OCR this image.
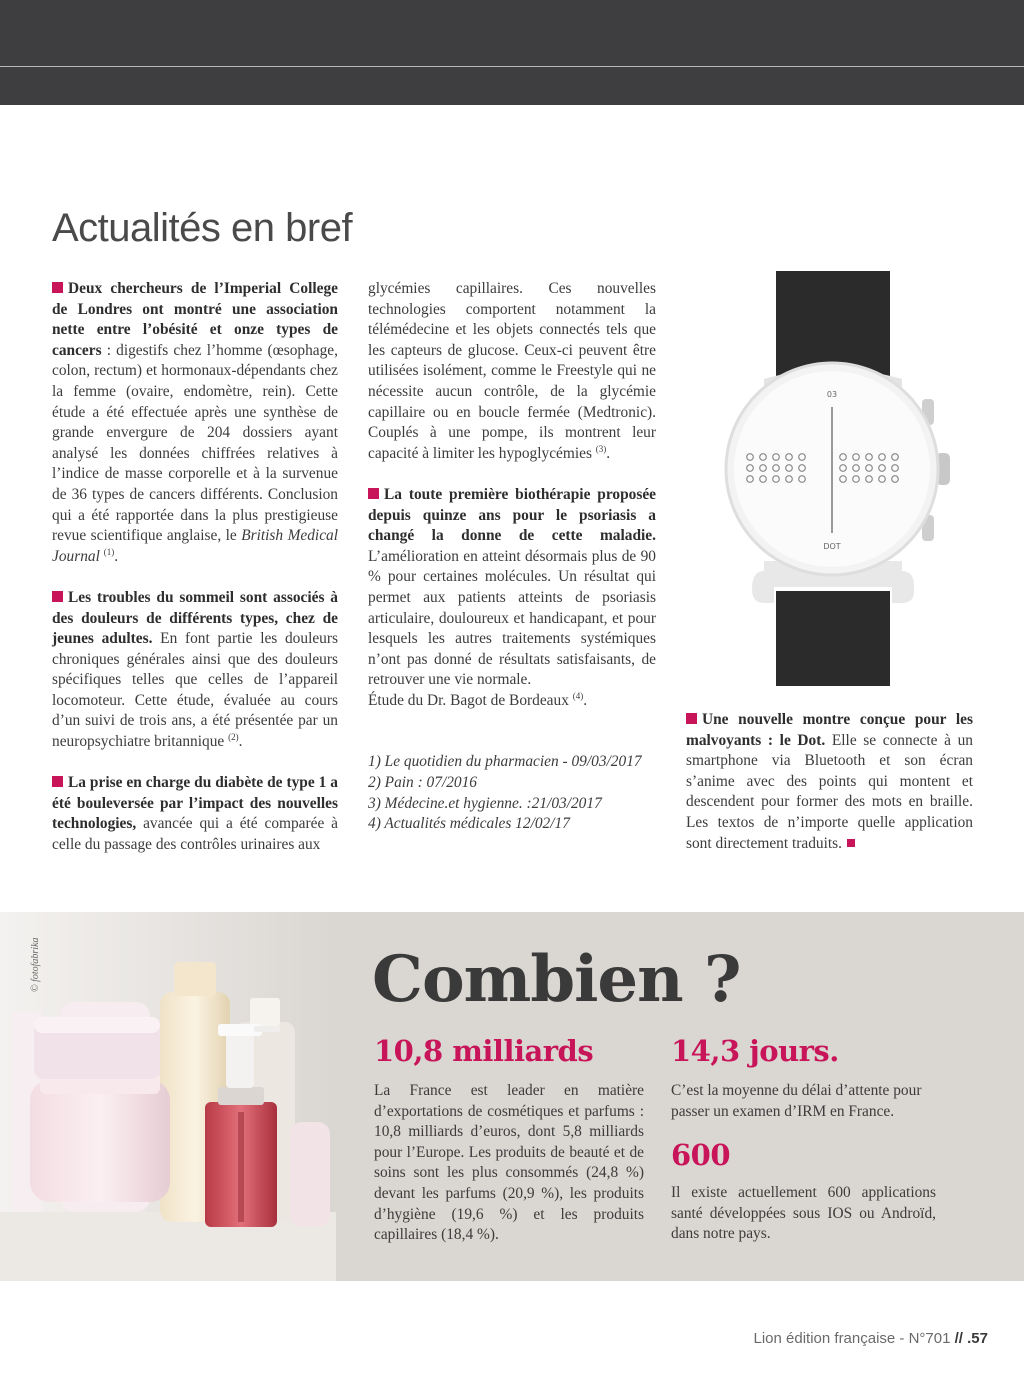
Actualités en bref

Deux chercheurs de l’Imperial College de Londres ont montré une association nette entre l’obésité et onze types de cancers : digestifs chez l’homme (œsophage, colon, rectum) et hormonaux-dépendants chez la femme (ovaire, endomètre, rein). Cette étude a été effectuée après une synthèse de grande envergure de 204 dossiers ayant analysé les données chiffrées relatives à l’indice de masse corporelle et à la survenue de 36 types de cancers différents. Conclusion qui a été rapportée dans la plus prestigieuse revue scientifique anglaise, le British Medical Journal $^{(1)}$.

Les troubles du sommeil sont associés à des douleurs de différents types, chez de jeunes adultes. En font partie les douleurs chroniques générales ainsi que des douleurs spécifiques telles que celles de l’appareil locomoteur. Cette étude, évaluée au cours d’un suivi de trois ans, a été présentée par un neuropsychiatre britannique $^{(2)}$.

La prise en charge du diabète de type 1 a été bouleversée par l’impact des nouvelles technologies, avancée qui a été comparée à celle du passage des contrôles urinaires aux

glycémies capillaires. Ces nouvelles technologies comportent notamment la télémédecine et les objets connectés tels que les capteurs de glucose. Ceux-ci peuvent être utilisées isolément, comme le Freestyle qui ne nécessite aucun contrôle, de la glycémie capillaire ou en boucle fermée (Medtronic). Couplés à une pompe, ils montrent leur capacité à limiter les hypoglycémies $^{(3)}$.

La toute première biothérapie proposée depuis quinze ans pour le psoriasis a changé la donne de cette maladie. L’amélioration en atteint désormais plus de 90 % pour certaines molécules. Un résultat qui permet aux patients atteints de psoriasis articulaire, douloureux et handicapant, et pour lesquels les autres traitements systémiques n’ont pas donné de résultats satisfaisants, de retrouver une vie normale.

Étude du Dr. Bagot de Bordeaux $^{(4)}$.

1) Le quotidien du pharmacien - 09/03/2017
2) Pain : 07/2016
3) Médecine.et hygienne. :21/03/2017
4) Actualités médicales 12/02/17
03
DOT

Une nouvelle montre conçue pour les malvoyants : le Dot. Elle se connecte à un smartphone via Bluetooth et son écran s’anime avec des points qui montent et descendent pour former des mots en braille. Les textos de n’importe quelle application sont directement traduits.

Combien ?
© fotofabrika
10,8 milliards
La France est leader en matière d’exportations de cosmétiques et parfums : 10,8 milliards d’euros, dont 5,8 milliards pour l’Europe. Les produits de beauté et de soins sont les plus consommés (24,8 %) devant les parfums (20,9 %), les produits d’hygiène (19,6 %) et les produits capillaires (18,4 %).
14,3 jours.
C’est la moyenne du délai d’attente pour passer un examen d’IRM en France.
600
Il existe actuellement 600 applications santé développées sous IOS ou Androïd, dans notre pays.
Lion édition française - N°701 // .57
